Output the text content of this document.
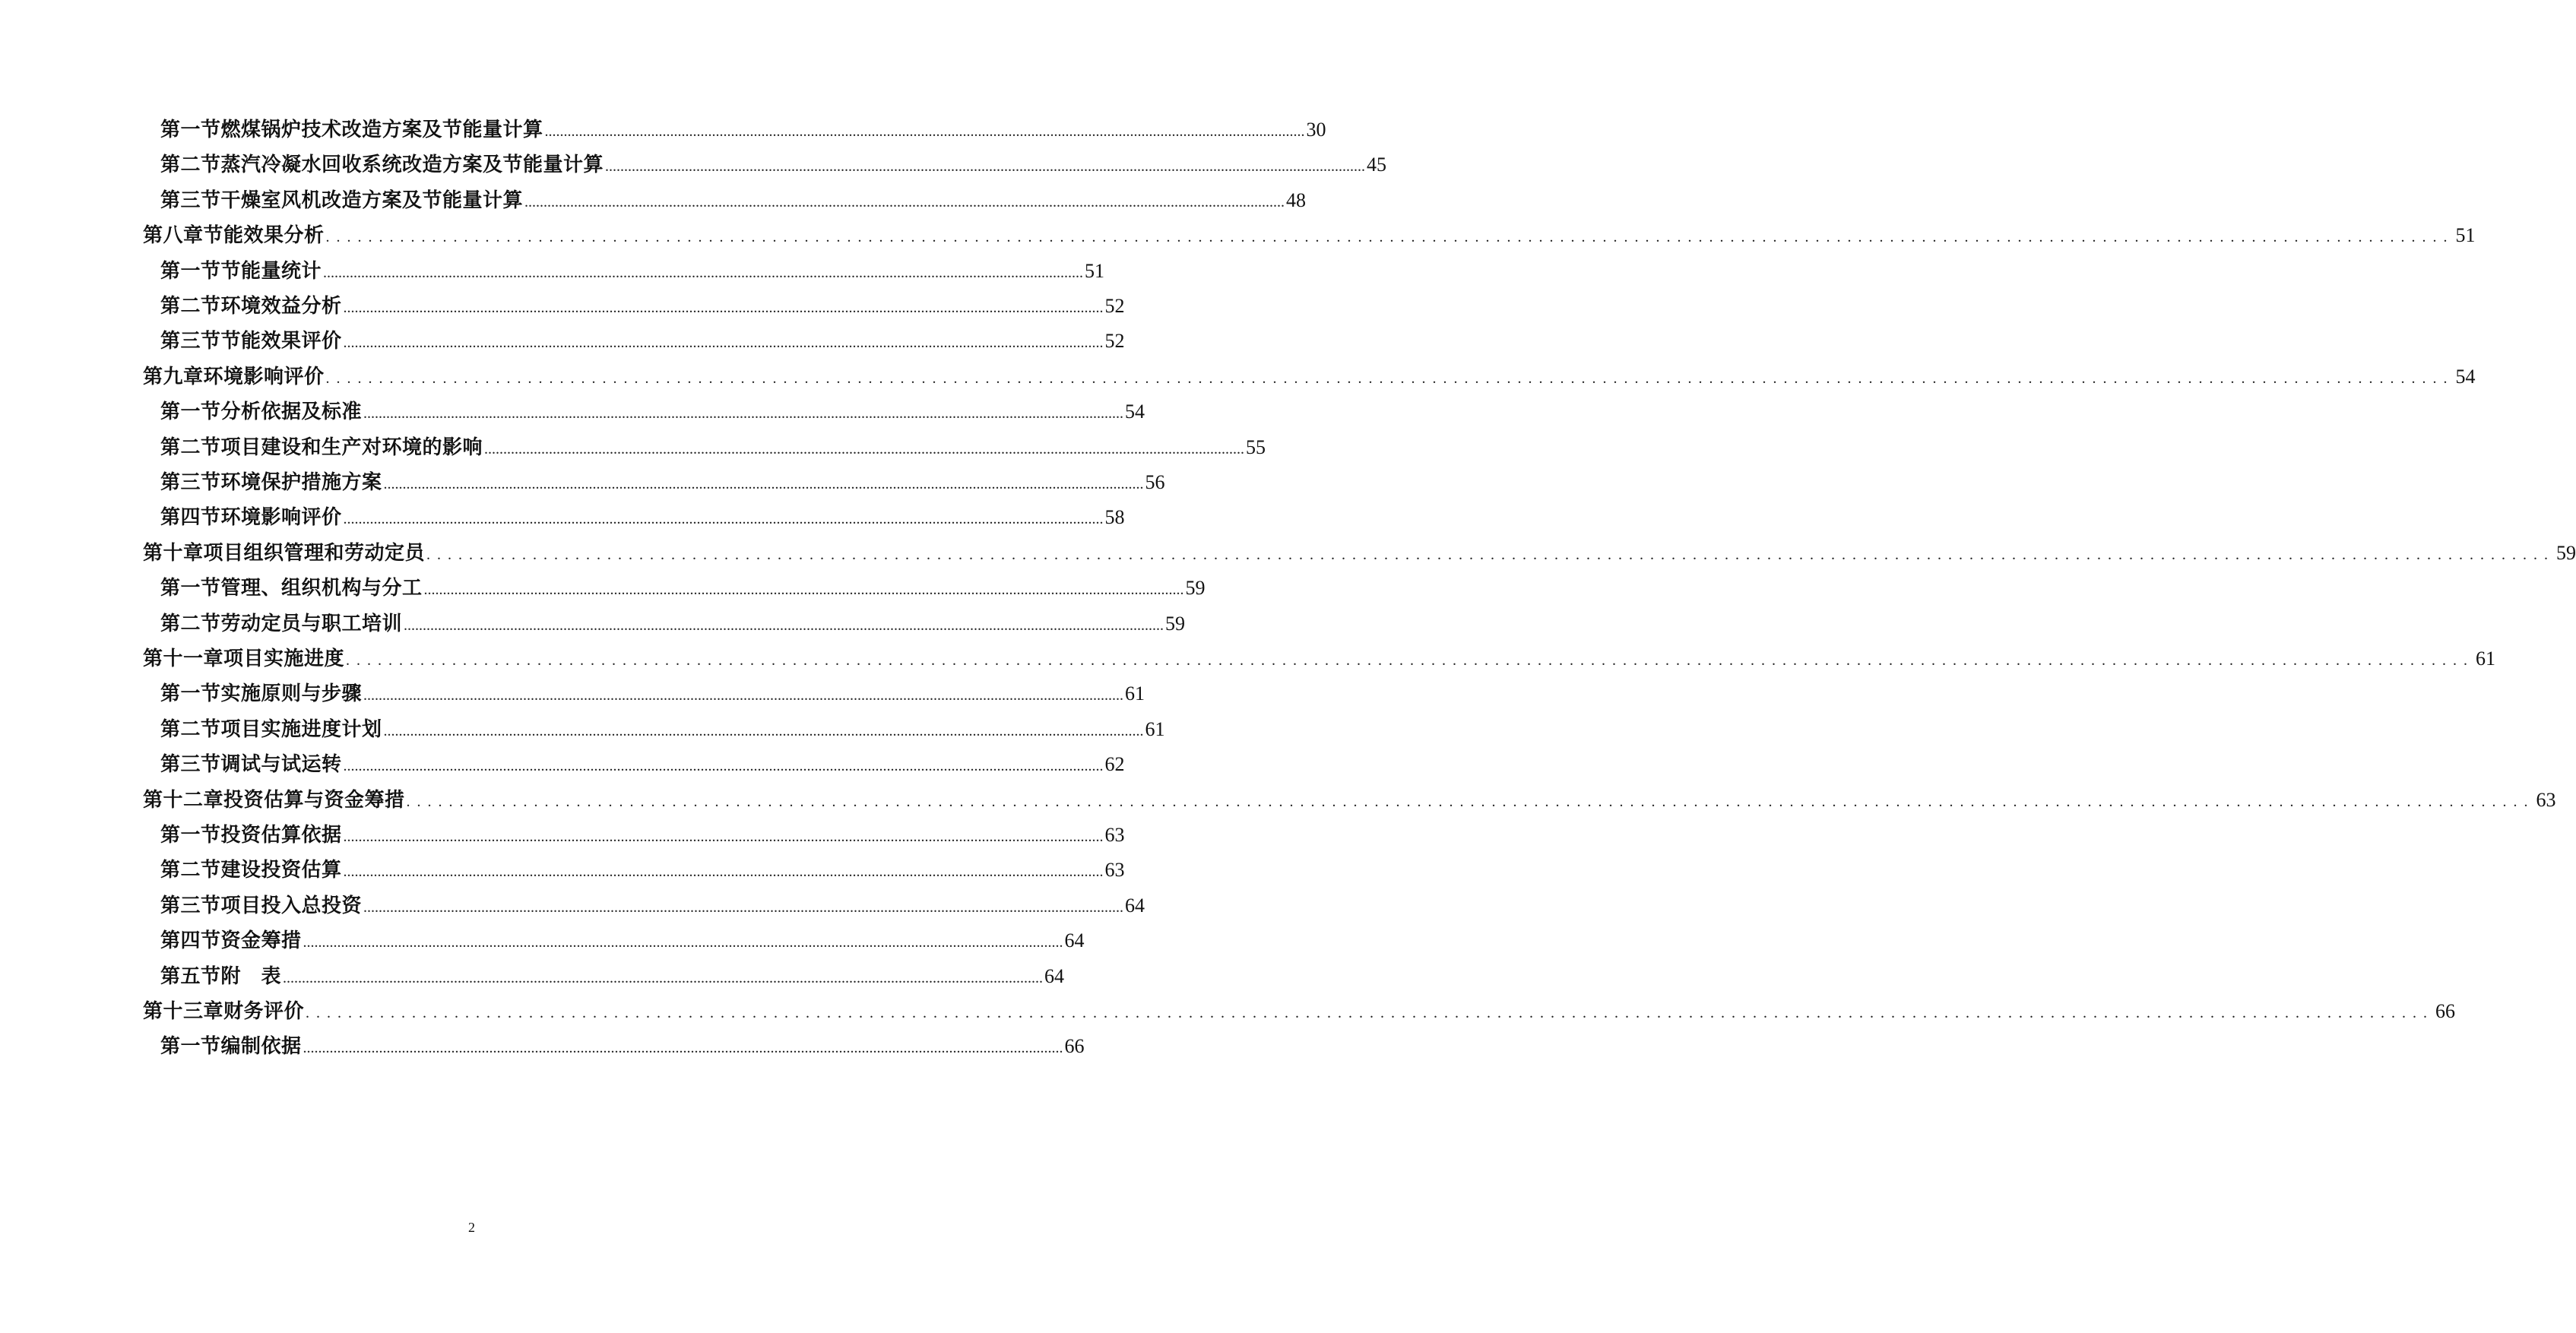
第一节 燃煤锅炉技术改造方案及节能量计算 ........................................................................................................................................................................................................ 30
第二节 蒸汽冷凝水回收系统改造方案及节能量计算 ........................................................................................................................................................................................................ 45
第三节 干燥室风机改造方案及节能量计算 ........................................................................................................................................................................................................ 48
第八章 节能效果分析 ........................................................................................................................................................................................................ 51
第一节 节能量统计 ........................................................................................................................................................................................................ 51
第二节 环境效益分析 ........................................................................................................................................................................................................ 52
第三节 节能效果评价 ........................................................................................................................................................................................................ 52
第九章 环境影响评价 ........................................................................................................................................................................................................ 54
第一节 分析依据及标准 ........................................................................................................................................................................................................ 54
第二节 项目建设和生产对环境的影响 ........................................................................................................................................................................................................ 55
第三节 环境保护措施方案 ........................................................................................................................................................................................................ 56
第四节 环境影响评价 ........................................................................................................................................................................................................ 58
第十章 项目组织管理和劳动定员 ........................................................................................................................................................................................................ 59
第一节 管理、组织机构与分工 ........................................................................................................................................................................................................ 59
第二节 劳动定员与职工培训 ........................................................................................................................................................................................................ 59
第十一章 项目实施进度 ........................................................................................................................................................................................................ 61
第一节 实施原则与步骤 ........................................................................................................................................................................................................ 61
第二节 项目实施进度计划 ........................................................................................................................................................................................................ 61
第三节 调试与试运转 ........................................................................................................................................................................................................ 62
第十二章 投资估算与资金筹措 ........................................................................................................................................................................................................ 63
第一节 投资估算依据 ........................................................................................................................................................................................................ 63
第二节 建设投资估算 ........................................................................................................................................................................................................ 63
第三节 项目投入总投资 ........................................................................................................................................................................................................ 64
第四节 资金筹措 ........................................................................................................................................................................................................ 64
第五节 附　表 ........................................................................................................................................................................................................ 64
第十三章 财务评价 ........................................................................................................................................................................................................ 66
第一节 编制依据 ........................................................................................................................................................................................................ 66
2
